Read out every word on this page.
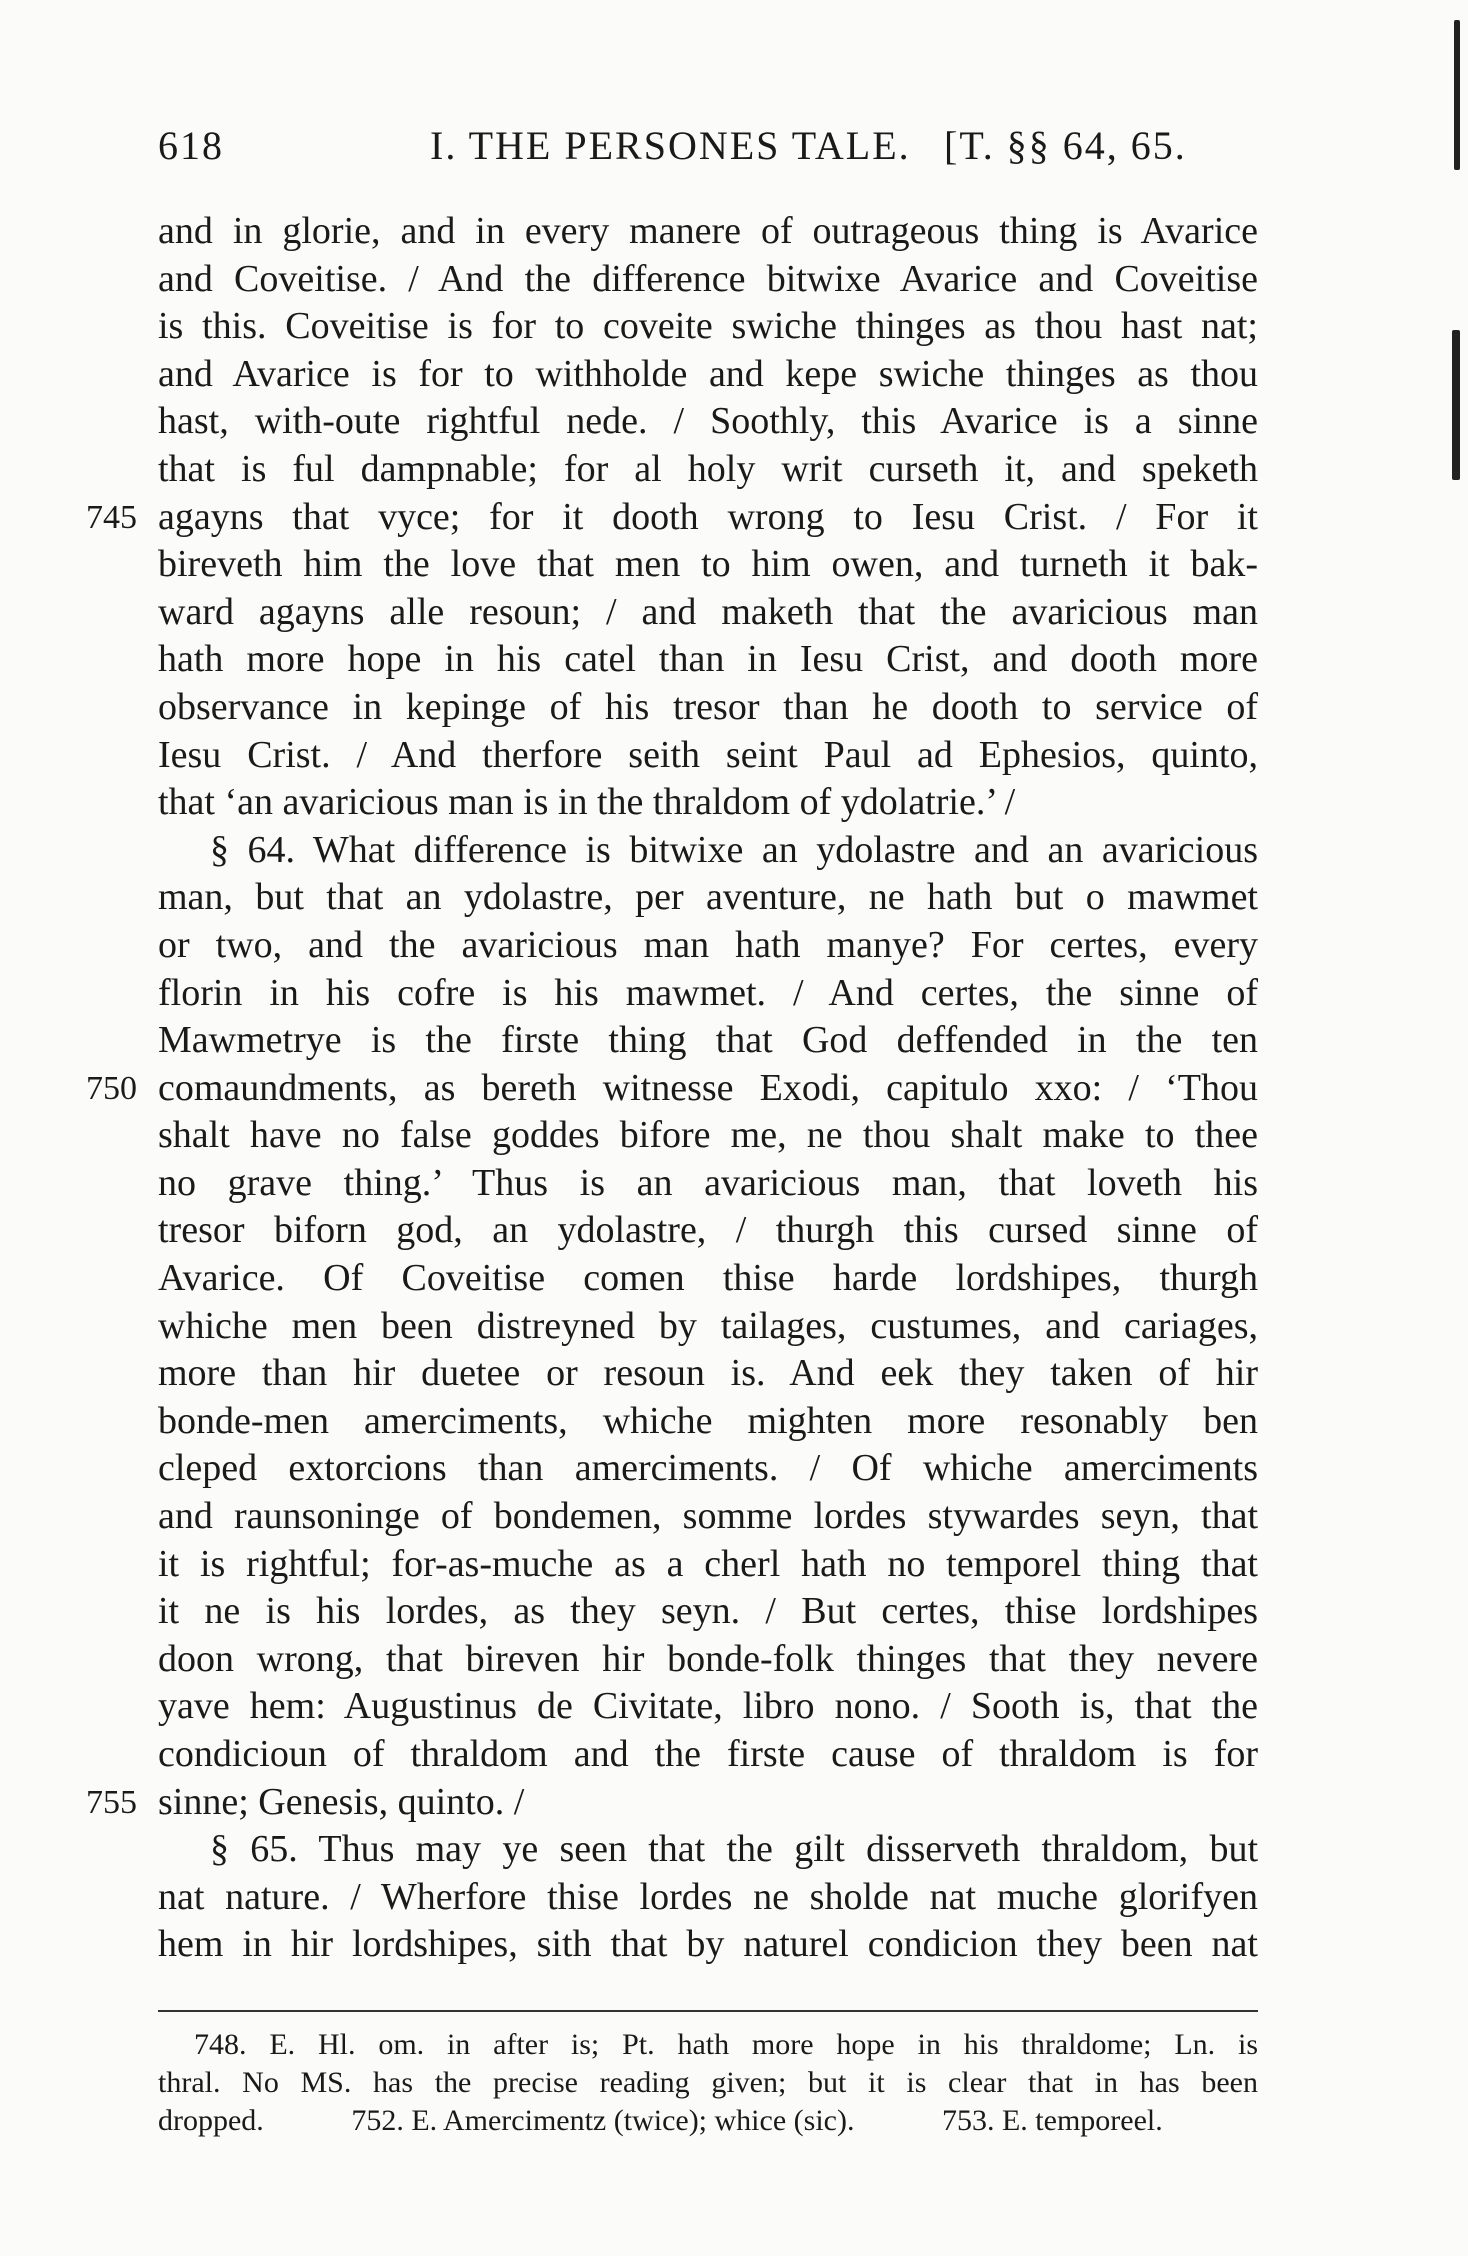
618	I. THE PERSONES TALE. [T. §§ 64, 65.
and in glorie, and in every manere of outrageous thing is Avarice
and Coveitise. / And the difference bitwixe Avarice and Coveitise
is this. Coveitise is for to coveite swiche thinges as thou hast nat;
and Avarice is for to withholde and kepe swiche thinges as thou
hast, with-oute rightful nede. / Soothly, this Avarice is a sinne
that is ful dampnable; for al holy writ curseth it, and speketh
745 agayns that vyce; for it dooth wrong to Iesu Crist. / For it
bireveth him the love that men to him owen, and turneth it bak-
ward agayns alle resoun; / and maketh that the avaricious man
hath more hope in his catel than in Iesu Crist, and dooth more
observance in kepinge of his tresor than he dooth to service of
Iesu Crist. / And therfore seith seint Paul ad Ephesios, quinto,
that ‘an avaricious man is in the thraldom of ydolatrie.’ /
§ 64. What difference is bitwixe an ydolastre and an avaricious
man, but that an ydolastre, per aventure, ne hath but o mawmet
or two, and the avaricious man hath manye? For certes, every
florin in his cofre is his mawmet. / And certes, the sinne of
Mawmetrye is the firste thing that God deffended in the ten
750 comaundments, as bereth witnesse Exodi, capitulo xxo: / ‘Thou
shalt have no false goddes bifore me, ne thou shalt make to thee
no grave thing.’ Thus is an avaricious man, that loveth his
tresor biforn god, an ydolastre, / thurgh this cursed sinne of
Avarice. Of Coveitise comen thise harde lordshipes, thurgh
whiche men been distreyned by tailages, custumes, and cariages,
more than hir duetee or resoun is. And eek they taken of hir
bonde-men amerciments, whiche mighten more resonably ben
cleped extorcions than amerciments. / Of whiche amerciments
and raunsoninge of bondemen, somme lordes stywardes seyn, that
it is rightful; for-as-muche as a cherl hath no temporel thing that
it ne is his lordes, as they seyn. / But certes, thise lordshipes
doon wrong, that bireven hir bonde-folk thinges that they nevere
yave hem: Augustinus de Civitate, libro nono. / Sooth is, that the
condicioun of thraldom and the firste cause of thraldom is for
755 sinne; Genesis, quinto. /
§ 65. Thus may ye seen that the gilt disserveth thraldom, but
nat nature. / Wherfore thise lordes ne sholde nat muche glorifyen
hem in hir lordshipes, sith that by naturel condicion they been nat
748. E. Hl. om. in after is; Pt. hath more hope in his thraldome; Ln. is
thral. No MS. has the precise reading given; but it is clear that in has been
dropped.	752. E. Amercimentz (twice); whice (sic).	753. E. temporeel.
